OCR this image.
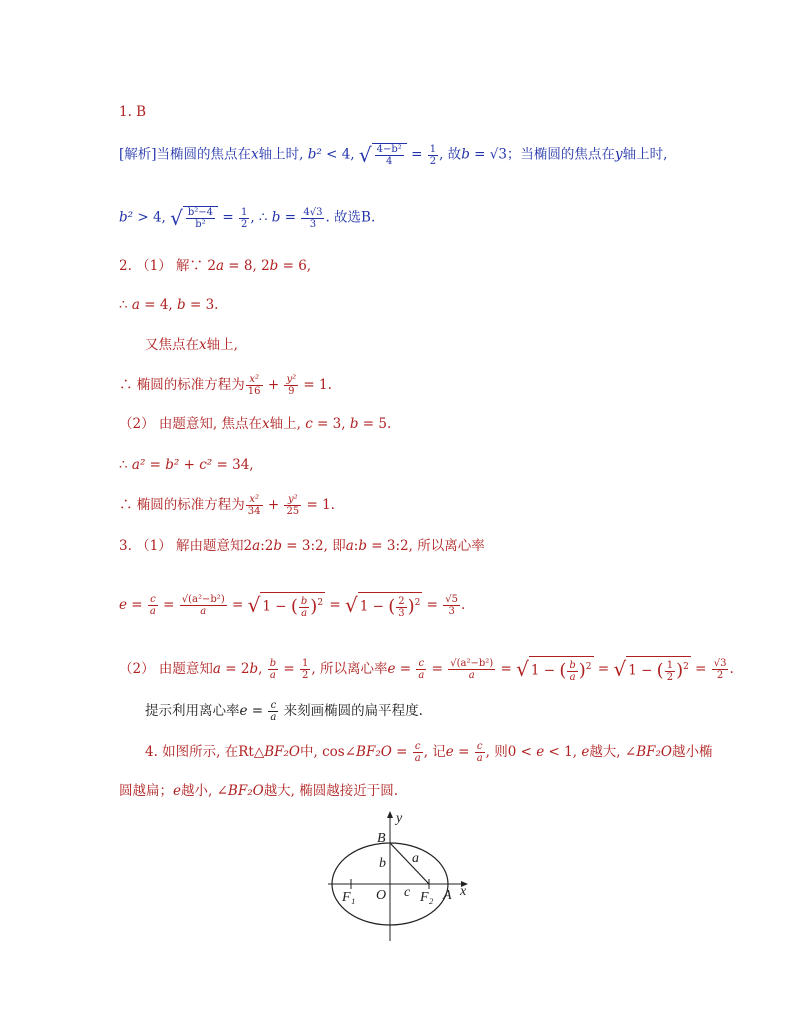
1. B
[解析]当椭圆的焦点在x轴上时, b² < 4, √ $\frac{\text{4−b²}}{4} = \frac{1}{2}$ , 故b = √3；当椭圆的焦点在y轴上时,
b² > 4, √ $\frac{\text{b²−4}}{\text{b²}} = \frac{1}{2}$ , ∴ $b = \frac{4√3}{3}$ . 故选B.
2. （1） 解∵ 2a = 8, 2b = 6,
∴ a = 4, b = 3.
又焦点在x轴上,
∴ 椭圆的标准方程为 $\frac{\text{x²}}{16} + \frac{\text{y²}}{9} = 1$.
（2） 由题意知, 焦点在x轴上, c = 3, b = 5.
∴ a² = b² + c² = 34,
∴ 椭圆的标准方程为 $\frac{\text{x²}}{34} + \frac{\text{y²}}{25} = 1$.
3. （1） 解由题意知2a:2b = 3:2, 即a:b = 3:2, 所以离心率
$e = \frac{c}{a} = \frac{\text{√(a²−b²)}}{a}$ = √ 1 − ( $\frac{b}{a} )^2$ = √ 1 − ( $\frac{2}{3} )^2 = \frac{√5}{3}$ .
（2） 由题意知a = 2b, $\frac{b}{a} = \frac{1}{2}$ , 所以离心率$e = \frac{c}{a} = \frac{\text{√(a²−b²)}}{a}$ = √ 1 − ( $\frac{b}{a} )^2$ = √ 1 − ( $\frac{1}{2} )^2 = \frac{√3}{2}$ .
提示利用离心率$e = \frac{c}{a}$ 来刻画椭圆的扁平程度.
4. 如图所示, 在Rt△BF₂O中, cos∠BF₂O = $\frac{c}{a}$ , 记$e = \frac{c}{a}$ , 则0 < e < 1, e越大, ∠BF₂O越小椭
圆越扁；e越小, ∠BF₂O越大, 椭圆越接近于圆.
B
y
a
b
O c
F₁	F₂ A x
